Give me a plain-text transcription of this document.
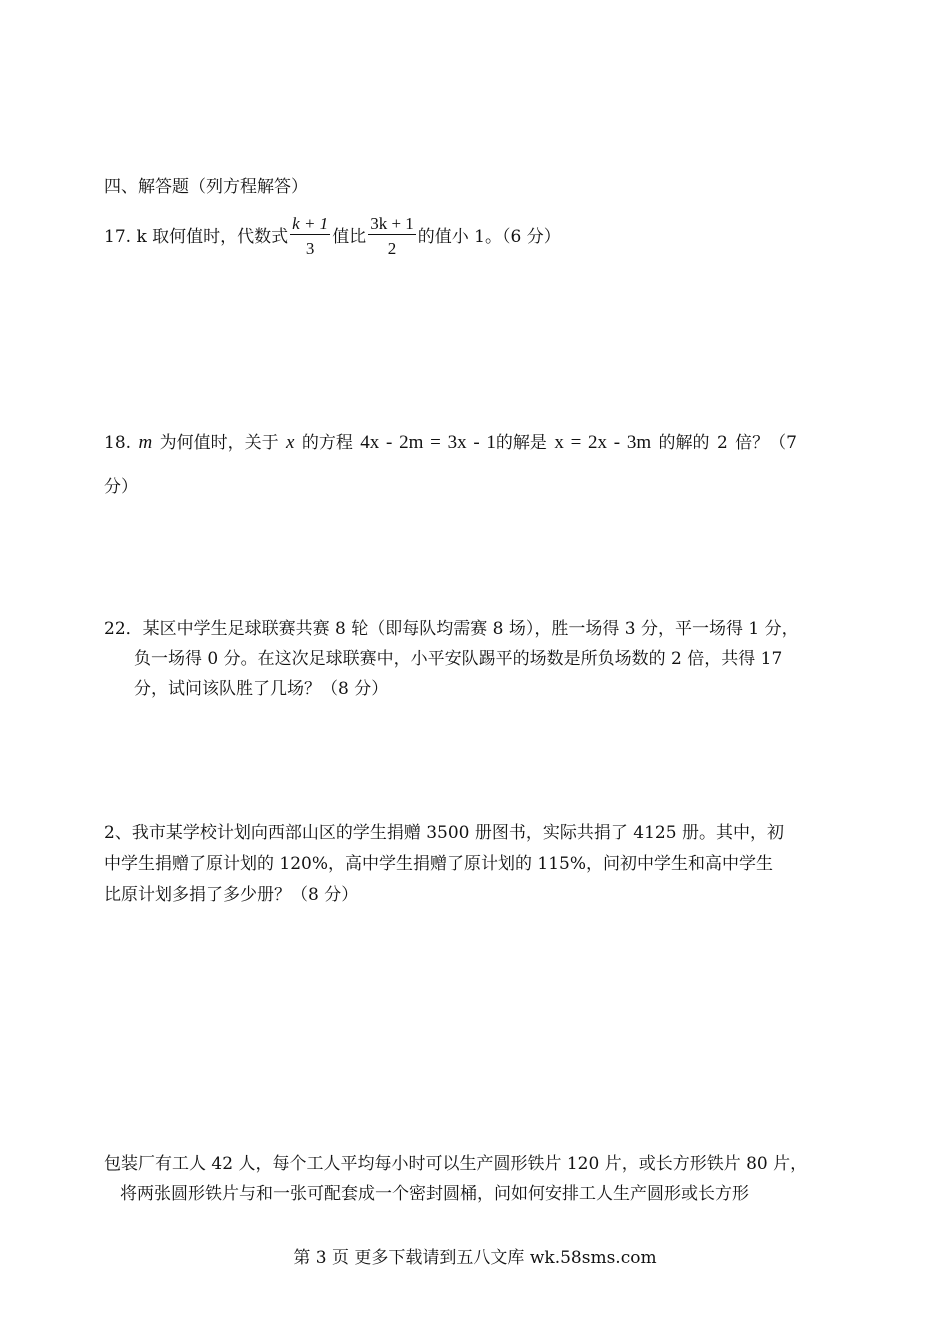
四、解答题（列方程解答）
17. k 取何值时，代数式 $\frac{k + 1}{3}$ 值比 $\frac{3k + 1}{2}$ 的值小 1。（6 分）
18. m 为何值时，关于 x 的方程 4x - 2m = 3x - 1的解是 x = 2x - 3m 的解的 2 倍？（7
分）
22．某区中学生足球联赛共赛 8 轮（即每队均需赛 8 场），胜一场得 3 分，平一场得 1 分，
负一场得 0 分。在这次足球联赛中，小平安队踢平的场数是所负场数的 2 倍，共得 17
分，试问该队胜了几场？（8 分）
2、我市某学校计划向西部山区的学生捐赠 3500 册图书，实际共捐了 4125 册。其中，初
中学生捐赠了原计划的 120%，高中学生捐赠了原计划的 115%，问初中学生和高中学生
比原计划多捐了多少册？（8 分）
包装厂有工人 42 人，每个工人平均每小时可以生产圆形铁片 120 片，或长方形铁片 80 片，
将两张圆形铁片与和一张可配套成一个密封圆桶，问如何安排工人生产圆形或长方形
第 3 页 更多下载请到五八文库 wk.58sms.com
